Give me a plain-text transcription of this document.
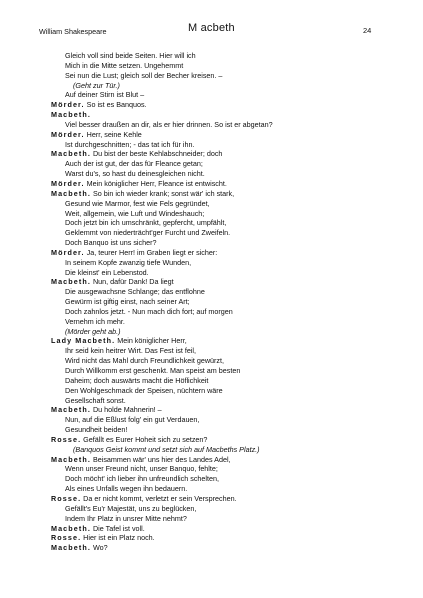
William Shakespeare	M acbeth	24
Gleich voll sind beide Seiten. Hier will ich
Mich in die Mitte setzen. Ungehemmt
Sei nun die Lust; gleich soll der Becher kreisen. –
(Geht zur Tür.)
Auf deiner Stirn ist Blut –
Mörder. So ist es Banquos.
Macbeth.
Viel besser draußen an dir, als er hier drinnen. So ist er abgetan?
Mörder. Herr, seine Kehle
Ist durchgeschnitten; - das tat ich für ihn.
Macbeth. Du bist der beste Kehlabschneider; doch
Auch der ist gut, der das für Fleance getan;
Warst du's, so hast du deinesgleichen nicht.
Mörder. Mein königlicher Herr, Fleance ist entwischt.
Macbeth. So bin ich wieder krank; sonst wär' ich stark,
Gesund wie Marmor, fest wie Fels gegründet,
Weit, allgemein, wie Luft und Windeshauch;
Doch jetzt bin ich umschränkt, gepfercht, umpfählt,
Geklemmt von niederträcht'ger Furcht und Zweifeln.
Doch Banquo ist uns sicher?
Mörder. Ja, teurer Herr! im Graben liegt er sicher:
In seinem Kopfe zwanzig tiefe Wunden,
Die kleinst' ein Lebenstod.
Macbeth. Nun, dafür Dank! Da liegt
Die ausgewachsne Schlange; das entflohne
Gewürm ist giftig einst, nach seiner Art;
Doch zahnlos jetzt. - Nun mach dich fort; auf morgen
Vernehm ich mehr.
(Mörder geht ab.)
Lady Macbeth. Mein königlicher Herr,
Ihr seid kein heitrer Wirt. Das Fest ist feil,
Wird nicht das Mahl durch Freundlichkeit gewürzt,
Durch Willkomm erst geschenkt. Man speist am besten
Daheim; doch auswärts macht die Höflichkeit
Den Wohlgeschmack der Speisen, nüchtern wäre
Gesellschaft sonst.
Macbeth. Du holde Mahnerin! –
Nun, auf die Eßlust folg' ein gut Verdauen,
Gesundheit beiden!
Rosse. Gefällt es Eurer Hoheit sich zu setzen?
(Banquos Geist kommt und setzt sich auf Macbeths Platz.)
Macbeth. Beisammen wär' uns hier des Landes Adel,
Wenn unser Freund nicht, unser Banquo, fehlte;
Doch möcht' ich lieber ihn unfreundlich schelten,
Als eines Unfalls wegen ihn bedauern.
Rosse. Da er nicht kommt, verletzt er sein Versprechen.
Gefällt's Eu'r Majestät, uns zu beglücken,
Indem Ihr Platz in unsrer Mitte nehmt?
Macbeth. Die Tafel ist voll.
Rosse. Hier ist ein Platz noch.
Macbeth. Wo?
